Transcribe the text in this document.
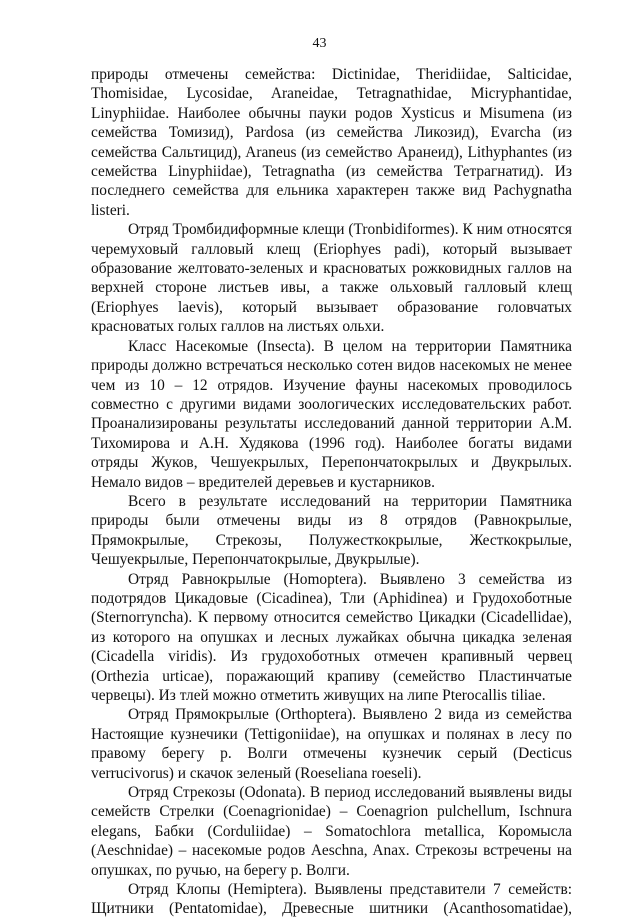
43

природы отмечены семейства: Dictinidae, Theridiidae, Salticidae, Thomisidae, Lycosidae, Araneidae, Tetragnathidae, Micryphantidae, Linyphiidae. Наиболее обычны пауки родов Xysticus и Misumena (из семейства Томизид), Pardosa (из семейства Ликозид), Evarcha (из семейства Сальтицид), Araneus (из семейство Аранеид), Lithyphantes (из семейства Linyphiidae), Tetragnatha (из семейства Тетрагнатид). Из последнего семейства для ельника характерен также вид Pachygnatha listeri.

Отряд Тромбидиформные клещи (Tronbidiformes). К ним относятся черемуховый галловый клещ (Eriophyes padi), который вызывает образование желтовато-зеленых и красноватых рожковидных галлов на верхней стороне листьев ивы, а также ольховый галловый клещ (Eriophyes laevis), который вызывает образование головчатых красноватых голых галлов на листьях ольхи.

Класс Насекомые (Insecta). В целом на территории Памятника природы должно встречаться несколько сотен видов насекомых не менее чем из 10 – 12 отрядов. Изучение фауны насекомых проводилось совместно с другими видами зоологических исследовательских работ. Проанализированы результаты исследований данной территории А.М. Тихомирова и А.Н. Худякова (1996 год). Наиболее богаты видами отряды Жуков, Чешуекрылых, Перепончатокрылых и Двукрылых. Немало видов – вредителей деревьев и кустарников.

Всего в результате исследований на территории Памятника природы были отмечены виды из 8 отрядов (Равнокрылые, Прямокрылые, Стрекозы, Полужесткокрылые, Жесткокрылые, Чешуекрылые, Перепончатокрылые, Двукрылые).

Отряд Равнокрылые (Homoptera). Выявлено 3 семейства из подотрядов Цикадовые (Cicadinea), Тли (Aphidinea) и Грудохоботные (Sternorryncha). К первому относится семейство Цикадки (Cicadellidae), из которого на опушках и лесных лужайках обычна цикадка зеленая (Cicadella viridis). Из грудохоботных отмечен крапивный червец (Orthezia urticae), поражающий крапиву (семейство Пластинчатые червецы). Из тлей можно отметить живущих на липе Pterocallis tiliae.

Отряд Прямокрылые (Orthoptera). Выявлено 2 вида из семейства Настоящие кузнечики (Tettigoniidae), на опушках и полянах в лесу по правому берегу р. Волги отмечены кузнечик серый (Decticus verrucivorus) и скачок зеленый (Roeseliana roeseli).

Отряд Стрекозы (Odonata). В период исследований выявлены виды семейств Стрелки (Coenagrionidae) – Coenagrion pulchellum, Ischnura elegans, Бабки (Corduliidae) – Somatochlora metallica, Коромысла (Aeschnidae) – насекомые родов Aeschna, Anax. Стрекозы встречены на опушках, по ручью, на берегу р. Волги.

Отряд Клопы (Hemiptera). Выявлены представители 7 семейств: Щитники (Pentatomidae), Древесные шитники (Acanthosomatidae),
